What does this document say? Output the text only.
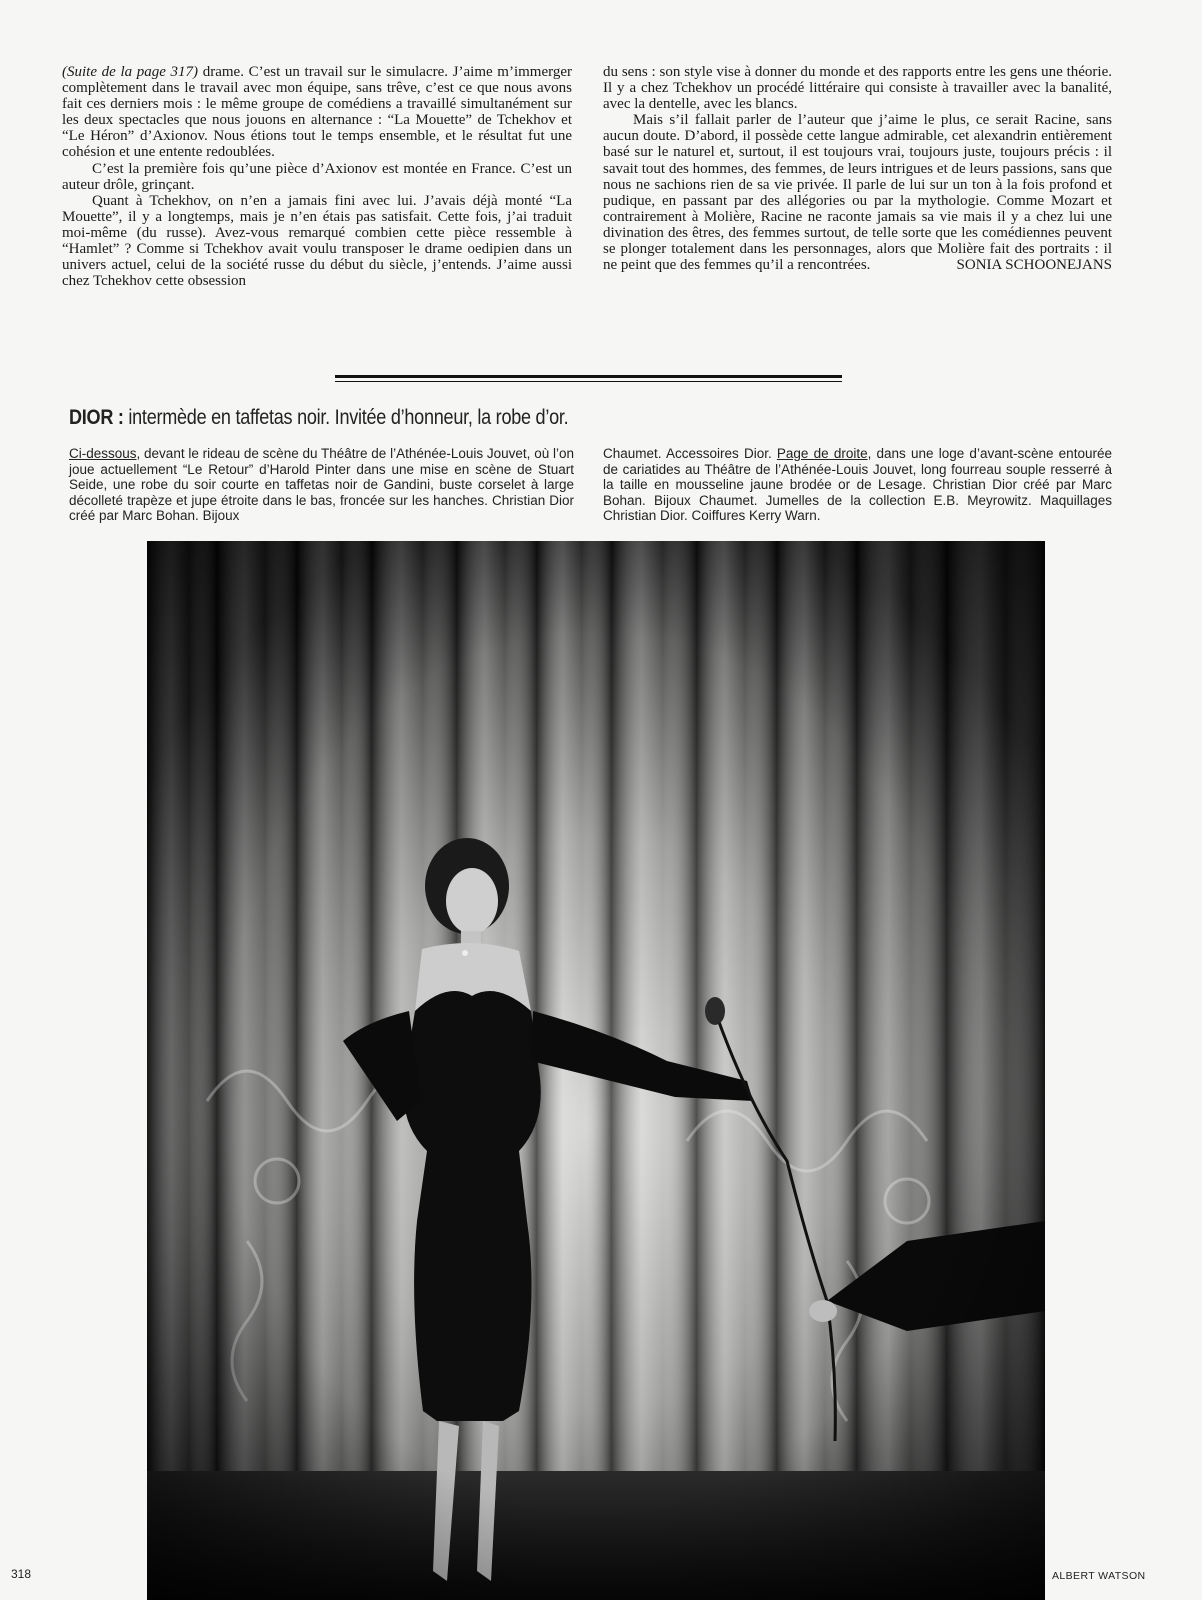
(Suite de la page 317) drame. C’est un travail sur le simulacre. J’aime m’immerger complètement dans le travail avec mon équipe, sans trêve, c’est ce que nous avons fait ces derniers mois : le même groupe de comédiens a travaillé simultanément sur les deux spectacles que nous jouons en alternance : “La Mouette” de Tchekhov et “Le Héron” d’Axionov. Nous étions tout le temps ensemble, et le résultat fut une cohésion et une entente redoublées.

C’est la première fois qu’une pièce d’Axionov est montée en France. C’est un auteur drôle, grinçant.

Quant à Tchekhov, on n’en a jamais fini avec lui. J’avais déjà monté “La Mouette”, il y a longtemps, mais je n’en étais pas satisfait. Cette fois, j’ai traduit moi-même (du russe). Avez-vous remarqué combien cette pièce ressemble à “Hamlet” ? Comme si Tchekhov avait voulu transposer le drame oedipien dans un univers actuel, celui de la société russe du début du siècle, j’entends. J’aime aussi chez Tchekhov cette obsession

du sens : son style vise à donner du monde et des rapports entre les gens une théorie. Il y a chez Tchekhov un procédé littéraire qui consiste à travailler avec la banalité, avec la dentelle, avec les blancs.

Mais s’il fallait parler de l’auteur que j’aime le plus, ce serait Racine, sans aucun doute. D’abord, il possède cette langue admirable, cet alexandrin entièrement basé sur le naturel et, surtout, il est toujours vrai, toujours juste, toujours précis : il savait tout des hommes, des femmes, de leurs intrigues et de leurs passions, sans que nous ne sachions rien de sa vie privée. Il parle de lui sur un ton à la fois profond et pudique, en passant par des allégories ou par la mythologie. Comme Mozart et contrairement à Molière, Racine ne raconte jamais sa vie mais il y a chez lui une divination des êtres, des femmes surtout, de telle sorte que les comédiennes peuvent se plonger totalement dans les personnages, alors que Molière fait des portraits : il ne peint que des femmes qu’il a rencontrées.	SONIA SCHOONEJANS

DIOR : intermède en taffetas noir. Invitée d’honneur, la robe d’or.

Ci-dessous, devant le rideau de scène du Théâtre de l’Athénée-Louis Jouvet, où l’on joue actuellement “Le Retour” d’Harold Pinter dans une mise en scène de Stuart Seide, une robe du soir courte en taffetas noir de Gandini, buste corselet à large décolleté trapèze et jupe étroite dans le bas, froncée sur les hanches. Christian Dior créé par Marc Bohan. Bijoux

Chaumet. Accessoires Dior. Page de droite, dans une loge d’avant-scène entourée de cariatides au Théâtre de l’Athénée-Louis Jouvet, long fourreau souple resserré à la taille en mousseline jaune brodée or de Lesage. Christian Dior créé par Marc Bohan. Bijoux Chaumet. Jumelles de la collection E.B. Meyrowitz. Maquillages Christian Dior. Coiffures Kerry Warn.

318	ALBERT WATSON
